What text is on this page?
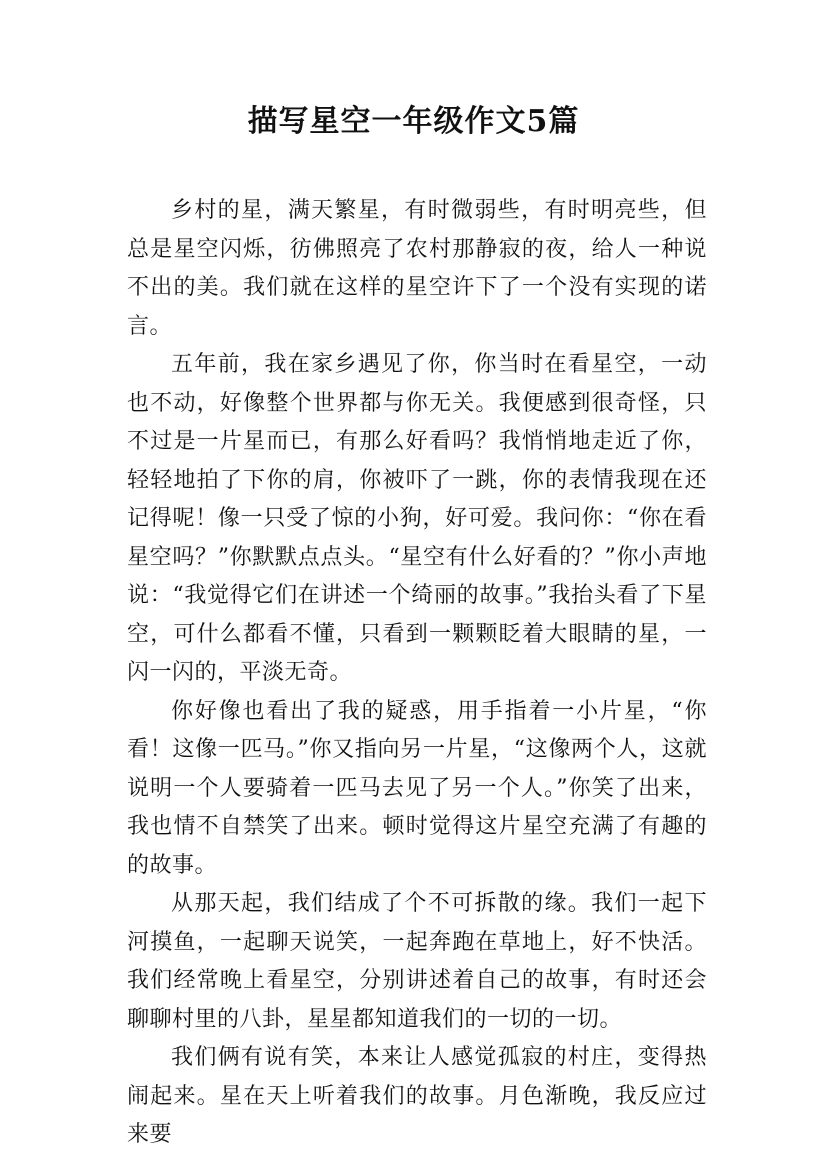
描写星空一年级作文5篇

乡村的星，满天繁星，有时微弱些，有时明亮些，但总是星空闪烁，彷佛照亮了农村那静寂的夜，给人一种说不出的美。我们就在这样的星空许下了一个没有实现的诺言。

五年前，我在家乡遇见了你，你当时在看星空，一动也不动，好像整个世界都与你无关。我便感到很奇怪，只不过是一片星而已，有那么好看吗？我悄悄地走近了你，轻轻地拍了下你的肩，你被吓了一跳，你的表情我现在还记得呢！像一只受了惊的小狗，好可爱。我问你：“你在看星空吗？”你默默点点头。“星空有什么好看的？”你小声地说：“我觉得它们在讲述一个绮丽的故事。”我抬头看了下星空，可什么都看不懂，只看到一颗颗眨着大眼睛的星，一闪一闪的，平淡无奇。

你好像也看出了我的疑惑，用手指着一小片星，“你看！这像一匹马。”你又指向另一片星，“这像两个人，这就说明一个人要骑着一匹马去见了另一个人。”你笑了出来，我也情不自禁笑了出来。顿时觉得这片星空充满了有趣的的故事。

从那天起，我们结成了个不可拆散的缘。我们一起下河摸鱼，一起聊天说笑，一起奔跑在草地上，好不快活。我们经常晚上看星空，分别讲述着自己的故事，有时还会聊聊村里的八卦，星星都知道我们的一切的一切。

我们俩有说有笑，本来让人感觉孤寂的村庄，变得热闹起来。星在天上听着我们的故事。月色渐晚，我反应过来要
